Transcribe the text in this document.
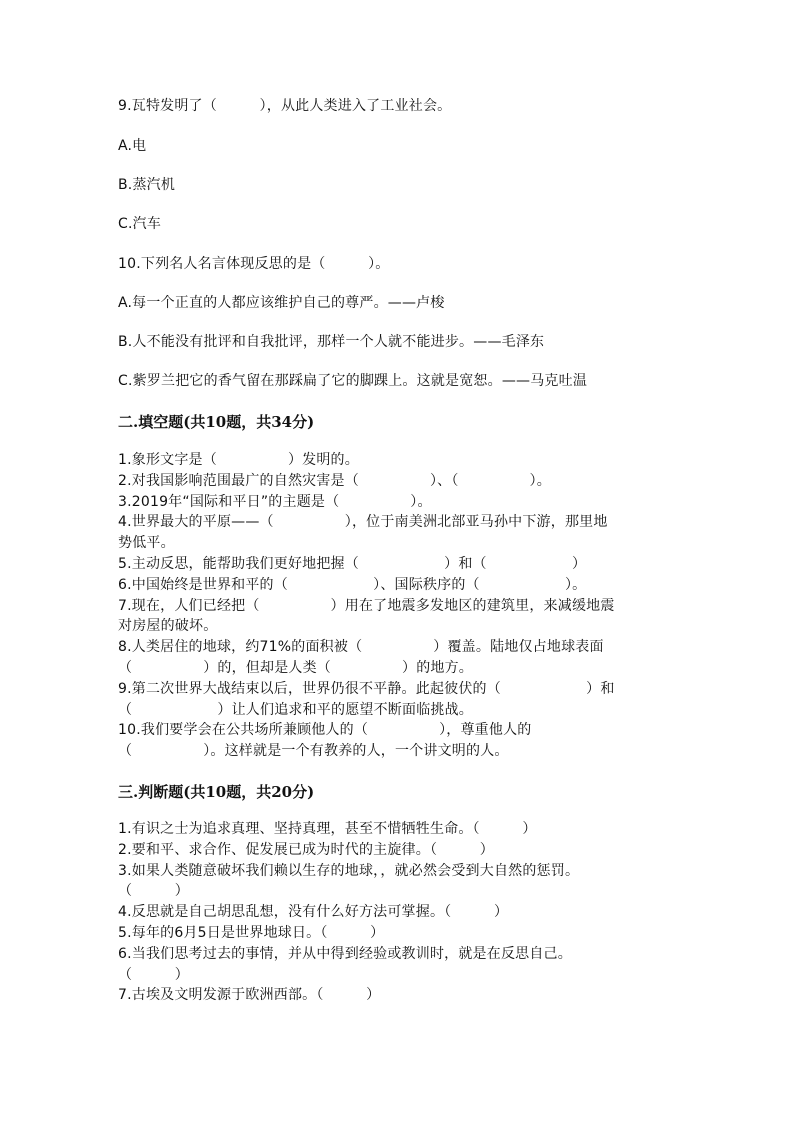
9.瓦特发明了（　　　），从此人类进入了工业社会。
A.电
B.蒸汽机
C.汽车
10.下列名人名言体现反思的是（　　　）。
A.每一个正直的人都应该维护自己的尊严。——卢梭
B.人不能没有批评和自我批评，那样一个人就不能进步。——毛泽东
C.紫罗兰把它的香气留在那踩扁了它的脚踝上。这就是宽恕。——马克吐温
二.填空题(共10题，共34分)
1.象形文字是（　　　　　）发明的。
2.对我国影响范围最广的自然灾害是（　　　　　）、（　　　　　）。
3.2019年“国际和平日”的主题是（　　　　　）。
4.世界最大的平原——（　　　　　），位于南美洲北部亚马孙中下游，那里地
势低平。
5.主动反思，能帮助我们更好地把握（　　　　　　）和（　　　　　　）
6.中国始终是世界和平的（　　　　　　）、国际秩序的（　　　　　　）。
7.现在，人们已经把（　　　　　）用在了地震多发地区的建筑里，来减缓地震
对房屋的破坏。
8.人类居住的地球，约71%的面积被（　　　　　）覆盖。陆地仅占地球表面
（　　　　　）的，但却是人类（　　　　　）的地方。
9.第二次世界大战结束以后，世界仍很不平静。此起彼伏的（　　　　　　）和
（　　　　　　）让人们追求和平的愿望不断面临挑战。
10.我们要学会在公共场所兼顾他人的（　　　　　），尊重他人的
（　　　　　）。这样就是一个有教养的人，一个讲文明的人。
三.判断题(共10题，共20分)
1.有识之士为追求真理、坚持真理，甚至不惜牺牲生命。（　　　）
2.要和平、求合作、促发展已成为时代的主旋律。（　　　）
3.如果人类随意破坏我们赖以生存的地球，，就必然会受到大自然的惩罚。
（　　　）
4.反思就是自己胡思乱想，没有什么好方法可掌握。（　　　）
5.每年的6月5日是世界地球日。（　　　）
6.当我们思考过去的事情，并从中得到经验或教训时，就是在反思自己。
（　　　）
7.古埃及文明发源于欧洲西部。（　　　）
